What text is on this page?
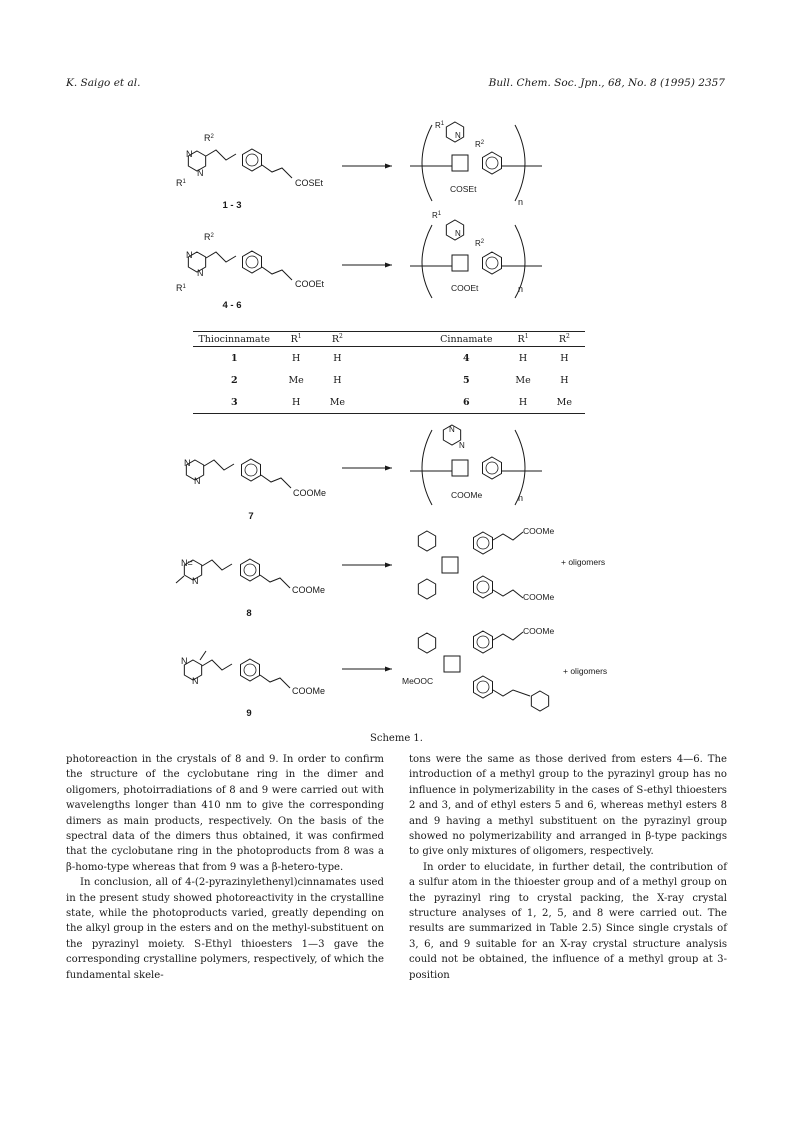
K. Saigo et al.	Bull. Chem. Soc. Jpn., 68, No. 8 (1995) 2357
N
N
$R^2$
$R^1$	COSEt
1 - 3
$R^1$
N
$R^2$
COSEt
n
N
N
$R^2$
$R^1$	COOEt
4 - 6
$R^1$
N
$R^2$
COOEt	n
N
N
COOMe
7
N
N
COOMe	n
N=
N
COOMe
8
COOMe
COOMe
+ oligomers
N
N
COOMe
9
COOMe
MeOOC
+ oligomers
Thiocinnamate	$R^1$	$R^2$		Cinnamate	$R^1$	$R^2$
1	H	H		4	H	H
2	Me	H		5	Me	H
3	H	Me		6	H	Me
Scheme 1.

photoreaction in the crystals of 8 and 9. In order to confirm the structure of the cyclobutane ring in the dimer and oligomers, photoirradiations of 8 and 9 were carried out with wavelengths longer than 410 nm to give the corresponding dimers as main products, respectively. On the basis of the spectral data of the dimers thus obtained, it was confirmed that the cyclobutane ring in the photoproducts from 8 was a β-homo-type whereas that from 9 was a β-hetero-type.

In conclusion, all of 4-(2-pyrazinylethenyl)cinnamates used in the present study showed photoreactivity in the crystalline state, while the photoproducts varied, greatly depending on the alkyl group in the esters and on the methyl-substituent on the pyrazinyl moiety. S-Ethyl thioesters 1—3 gave the corresponding crystalline polymers, respectively, of which the fundamental skele-

tons were the same as those derived from esters 4—6. The introduction of a methyl group to the pyrazinyl group has no influence in polymerizability in the cases of S-ethyl thioesters 2 and 3, and of ethyl esters 5 and 6, whereas methyl esters 8 and 9 having a methyl substituent on the pyrazinyl group showed no polymerizability and arranged in β-type packings to give only mixtures of oligomers, respectively.

In order to elucidate, in further detail, the contribution of a sulfur atom in the thioester group and of a methyl group on the pyrazinyl ring to crystal packing, the X-ray crystal structure analyses of 1, 2, 5, and 8 were carried out. The results are summarized in Table 2.5) Since single crystals of 3, 6, and 9 suitable for an X-ray crystal structure analysis could not be obtained, the influence of a methyl group at 3-position
